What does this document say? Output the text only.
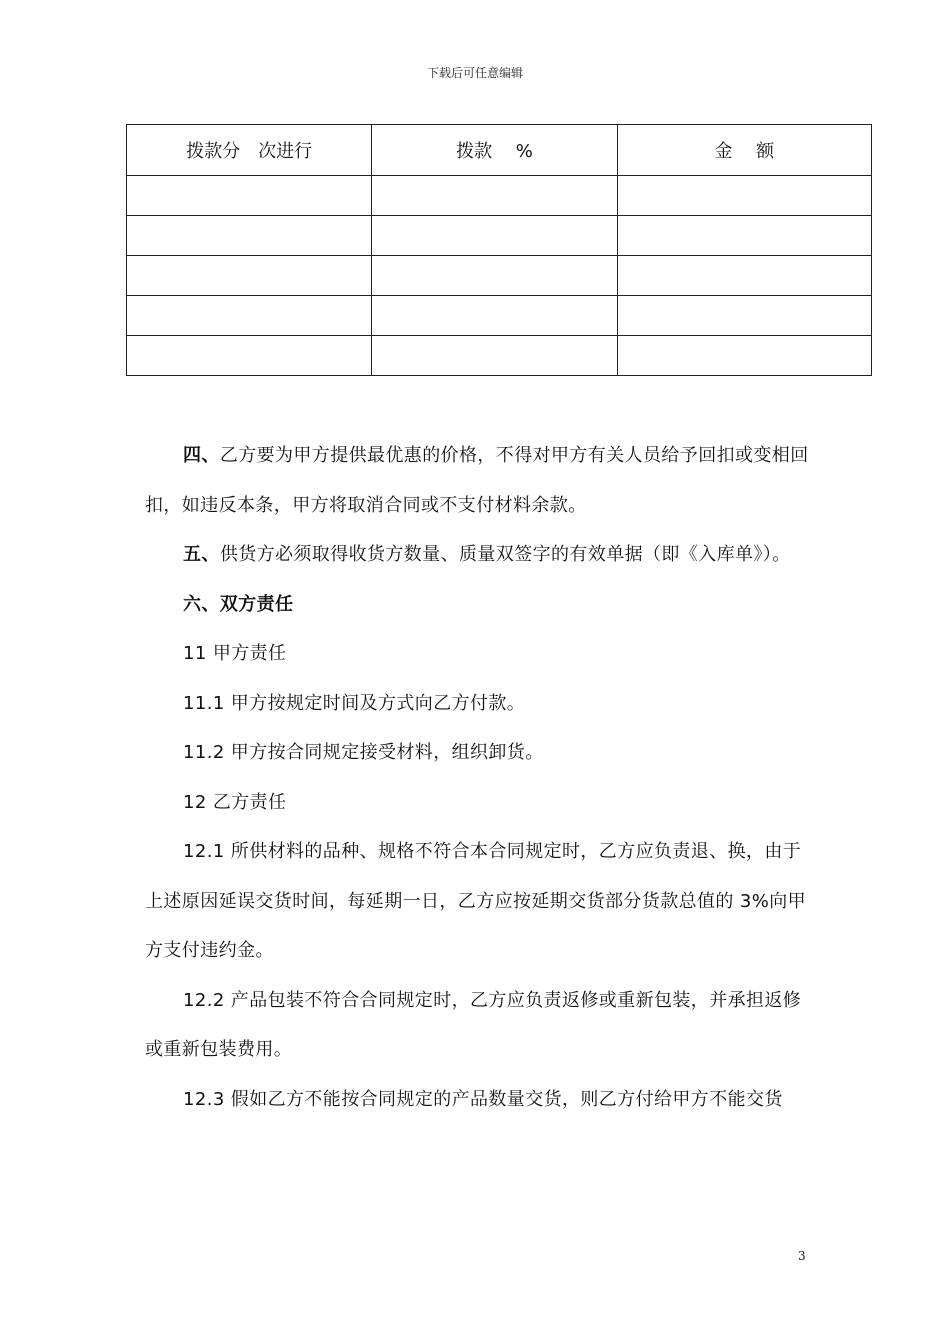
下载后可任意编辑
拨款分　次进行	拨款　 %	金　 额

四、乙方要为甲方提供最优惠的价格，不得对甲方有关人员给予回扣或变相回扣，如违反本条，甲方将取消合同或不支付材料余款。

五、供货方必须取得收货方数量、质量双签字的有效单据（即《入库单》）。

六、双方责任

11 甲方责任

11.1 甲方按规定时间及方式向乙方付款。

11.2 甲方按合同规定接受材料，组织卸货。

12 乙方责任

12.1 所供材料的品种、规格不符合本合同规定时，乙方应负责退、换，由于上述原因延误交货时间，每延期一日，乙方应按延期交货部分货款总值的 3%向甲方支付违约金。

12.2 产品包装不符合合同规定时，乙方应负责返修或重新包装，并承担返修或重新包装费用。

12.3 假如乙方不能按合同规定的产品数量交货，则乙方付给甲方不能交货

3
